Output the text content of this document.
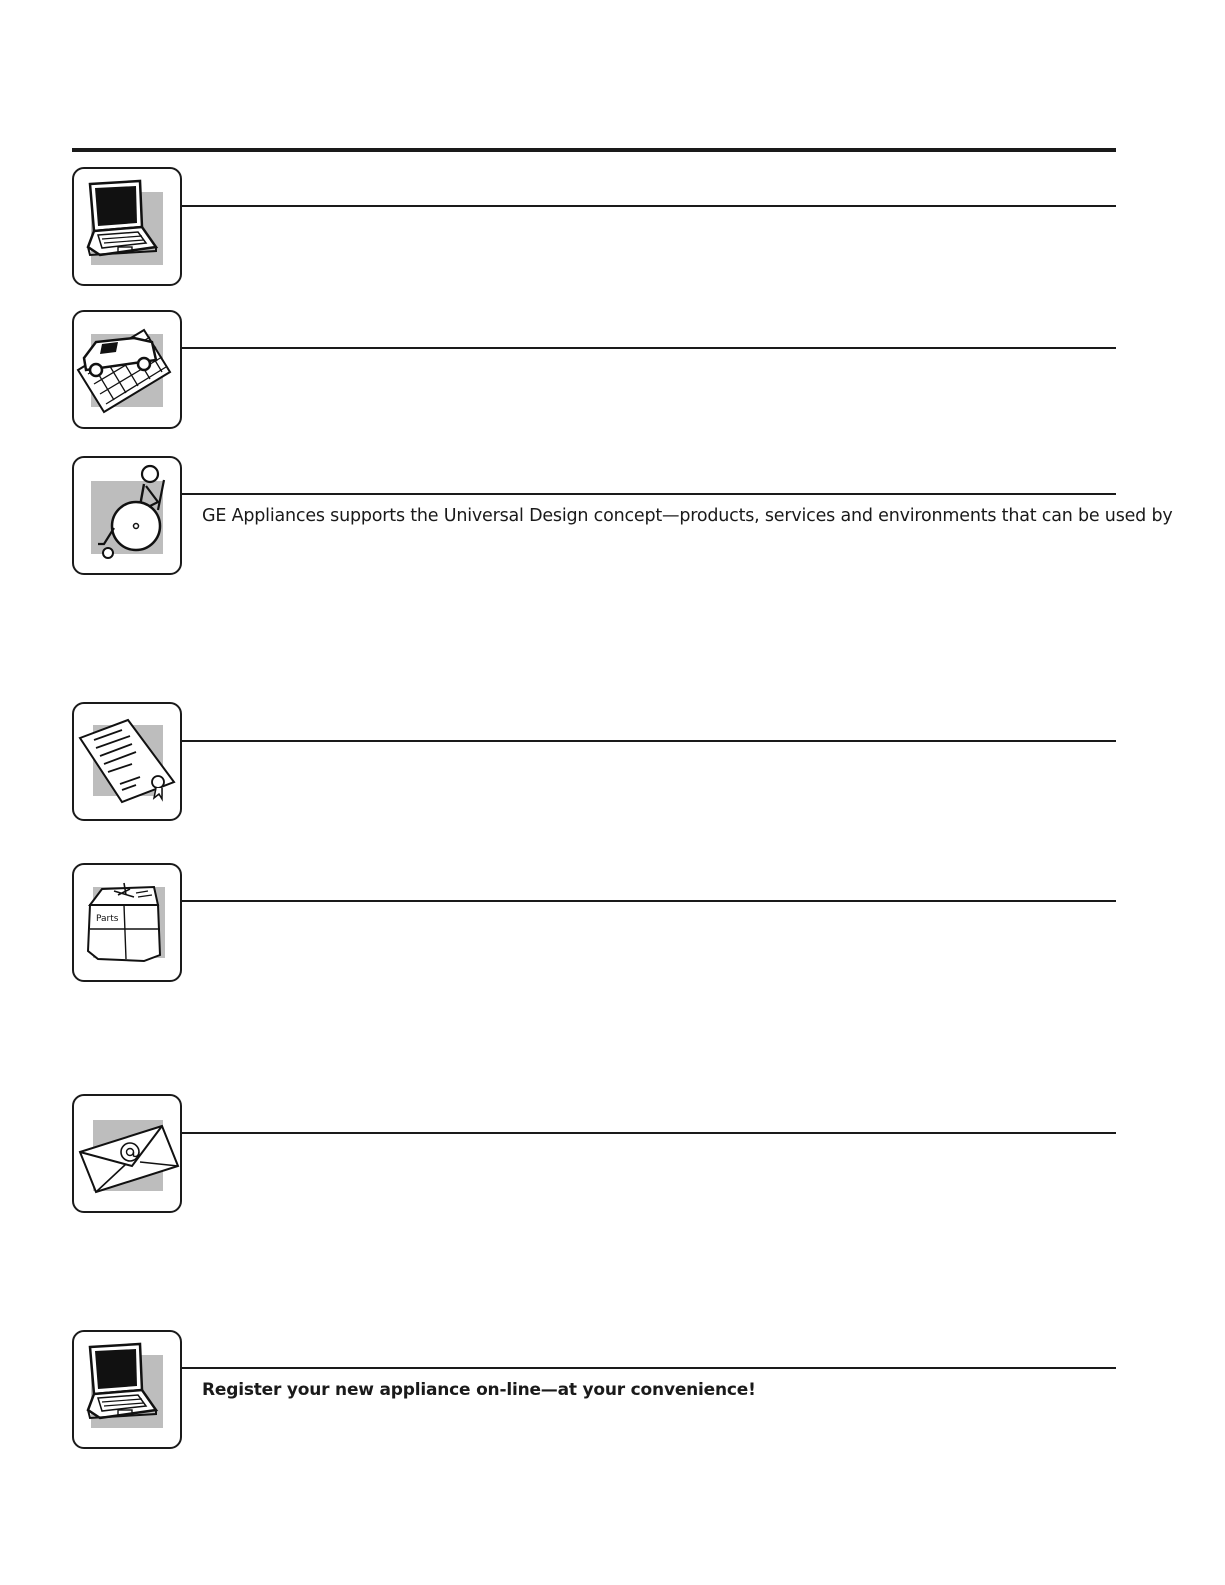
GE Appliances supports the Universal Design concept—products, services and environments that can be used by
Parts
Register your new appliance on-line—at your convenience!
